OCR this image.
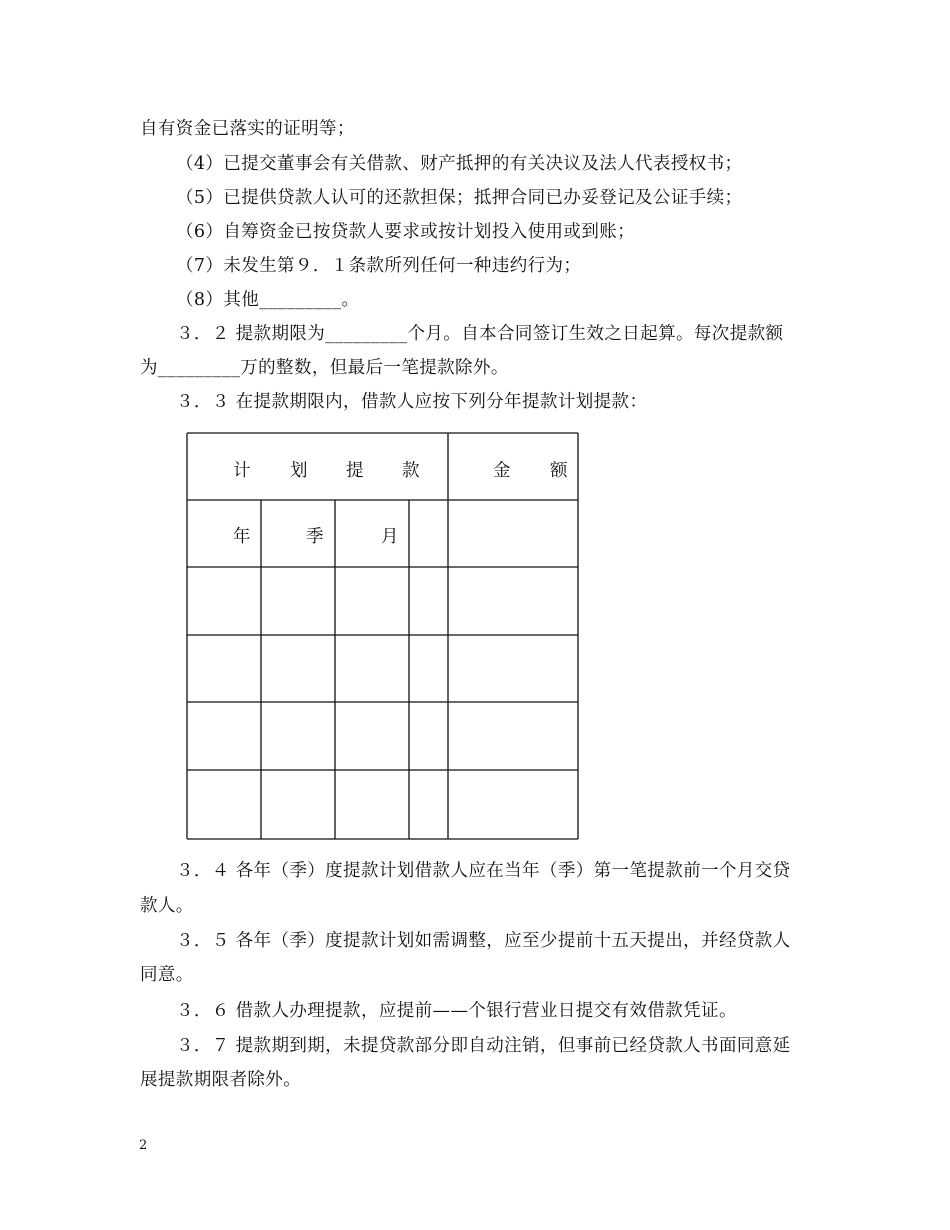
自有资金已落实的证明等；
（4）已提交董事会有关借款、财产抵押的有关决议及法人代表授权书；
（5）已提供贷款人认可的还款担保；抵押合同已办妥登记及公证手续；
（6）自筹资金已按贷款人要求或按计划投入使用或到账；
（7）未发生第９．１条款所列任何一种违约行为；
（8）其他_________。
３．２ 提款期限为_________个月。自本合同签订生效之日起算。每次提款额
为_________万的整数，但最后一笔提款除外。
３．３ 在提款期限内，借款人应按下列分年提款计划提款：
计 划 提 款	金 额
年	季	月
３．４ 各年（季）度提款计划借款人应在当年（季）第一笔提款前一个月交贷
款人。
３．５ 各年（季）度提款计划如需调整，应至少提前十五天提出，并经贷款人
同意。
３．６ 借款人办理提款，应提前——个银行营业日提交有效借款凭证。
３．７ 提款期到期，未提贷款部分即自动注销，但事前已经贷款人书面同意延
展提款期限者除外。
2
